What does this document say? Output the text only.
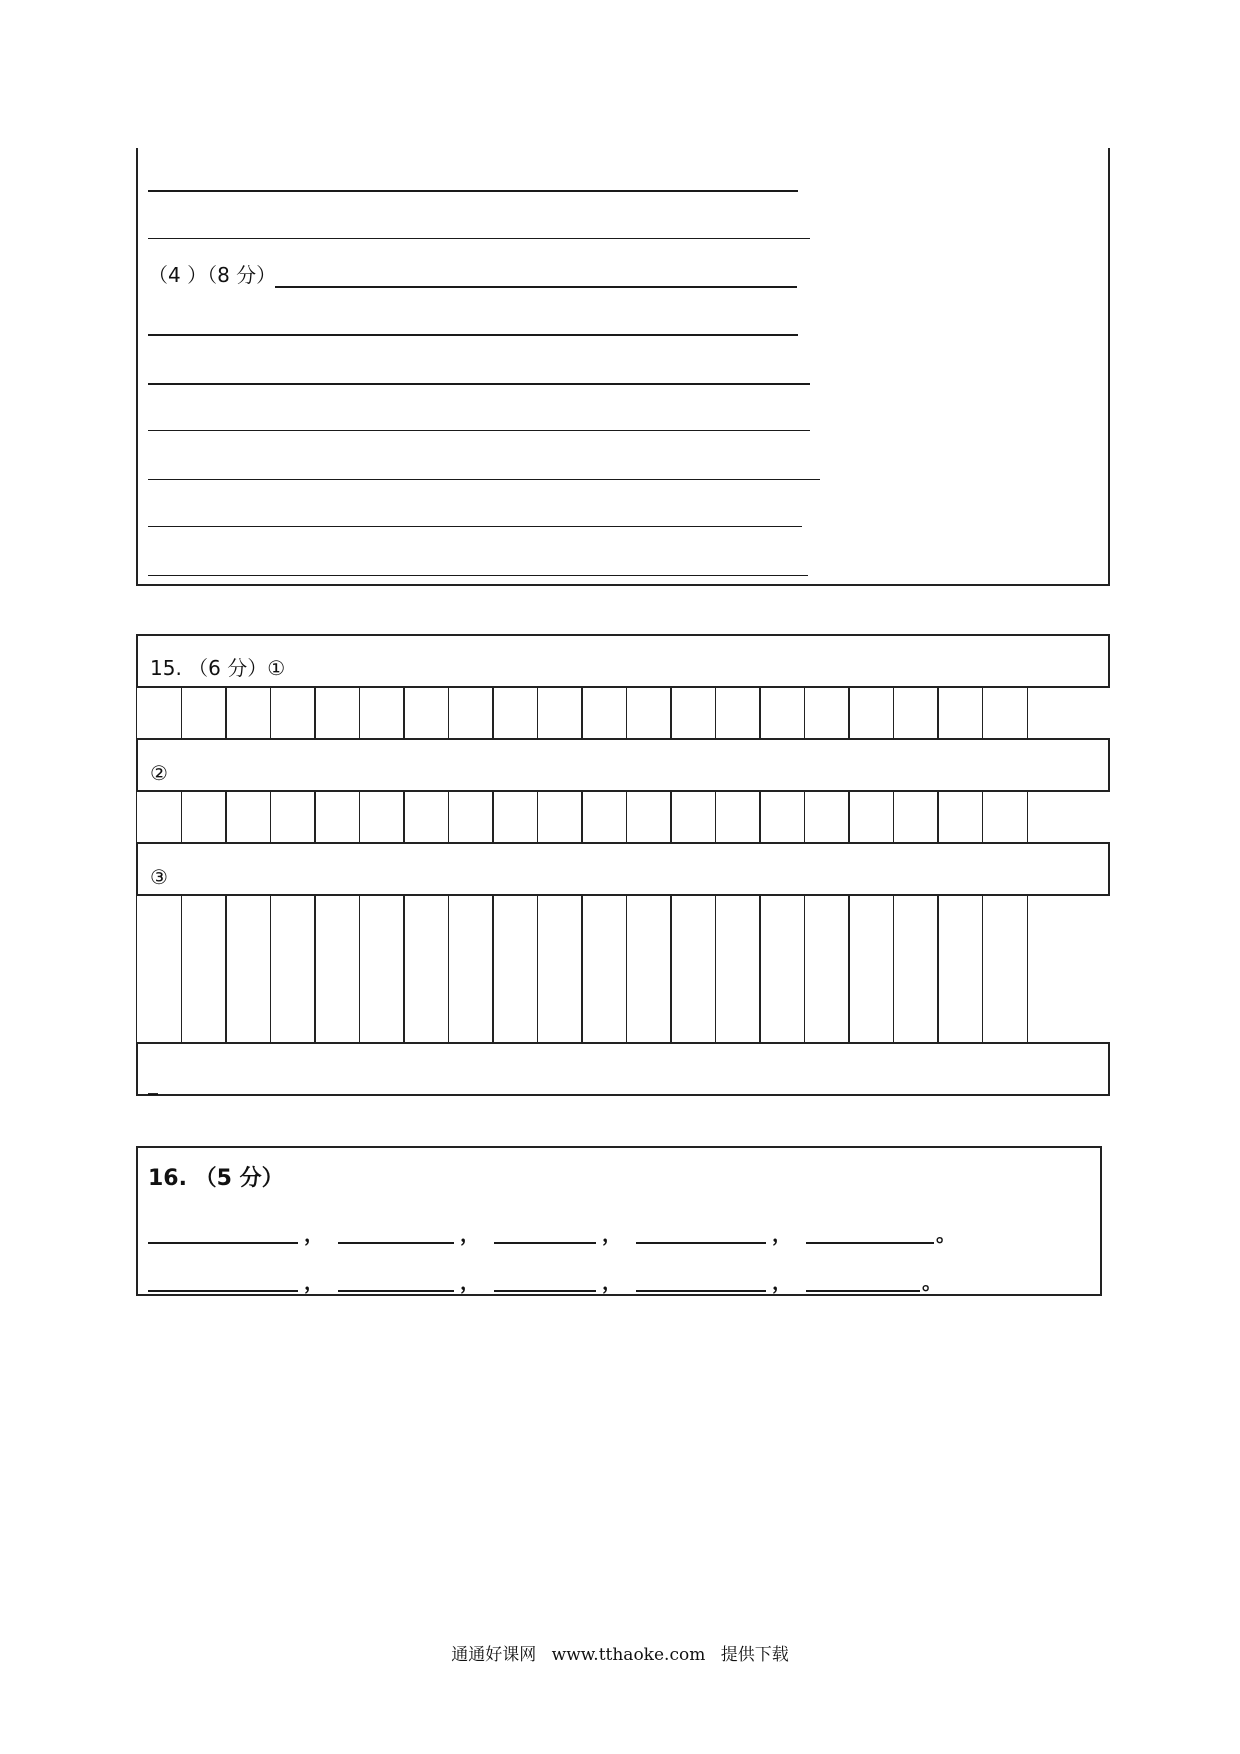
（4 ）（8 分）
15. （6 分）①
②
③
_
16. （5 分）
，	，	，	，	。
，	，	，	，	。
通通好课网 www.tthaoke.com 提供下载
